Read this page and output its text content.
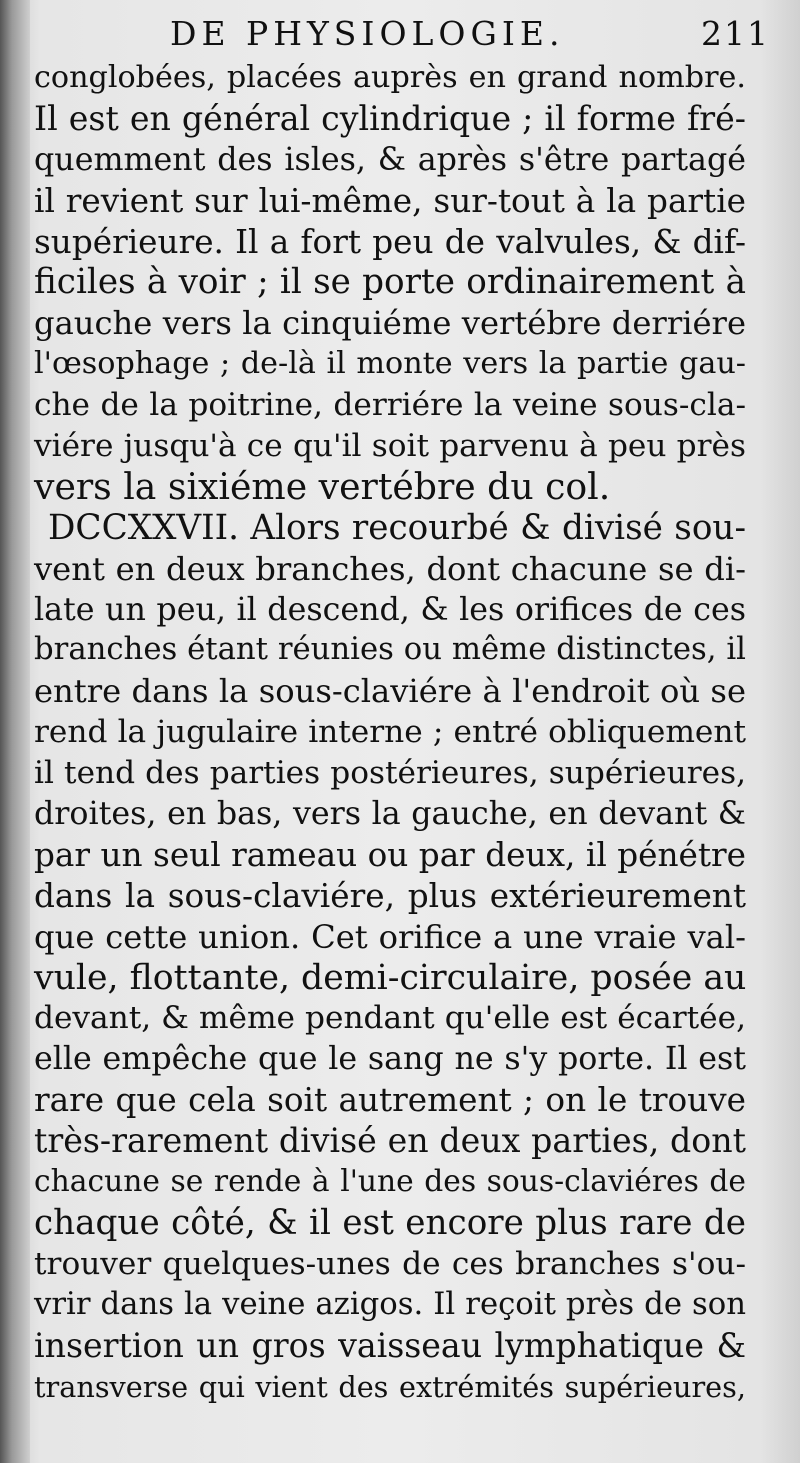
DE PHYSIOLOGIE.	211
conglobées, placées auprès en grand nombre.
Il est en général cylindrique ; il forme fré-
quemment des isles, & après s'être partagé
il revient sur lui-même, sur-tout à la partie
supérieure. Il a fort peu de valvules, & dif-
ficiles à voir ; il se porte ordinairement à
gauche vers la cinquiéme vertébre derriére
l'œsophage ; de-là il monte vers la partie gau-
che de la poitrine, derriére la veine sous-cla-
viére jusqu'à ce qu'il soit parvenu à peu près
vers la sixiéme vertébre du col.
DCCXXVII. Alors recourbé & divisé sou-
vent en deux branches, dont chacune se di-
late un peu, il descend, & les orifices de ces
branches étant réunies ou même distinctes, il
entre dans la sous-claviére à l'endroit où se
rend la jugulaire interne ; entré obliquement
il tend des parties postérieures, supérieures,
droites, en bas, vers la gauche, en devant &
par un seul rameau ou par deux, il pénétre
dans la sous-claviére, plus extérieurement
que cette union. Cet orifice a une vraie val-
vule, flottante, demi-circulaire, posée au
devant, & même pendant qu'elle est écartée,
elle empêche que le sang ne s'y porte. Il est
rare que cela soit autrement ; on le trouve
très-rarement divisé en deux parties, dont
chacune se rende à l'une des sous-claviéres de
chaque côté, & il est encore plus rare de
trouver quelques-unes de ces branches s'ou-
vrir dans la veine azigos. Il reçoit près de son
insertion un gros vaisseau lymphatique &
transverse qui vient des extrémités supérieures,
